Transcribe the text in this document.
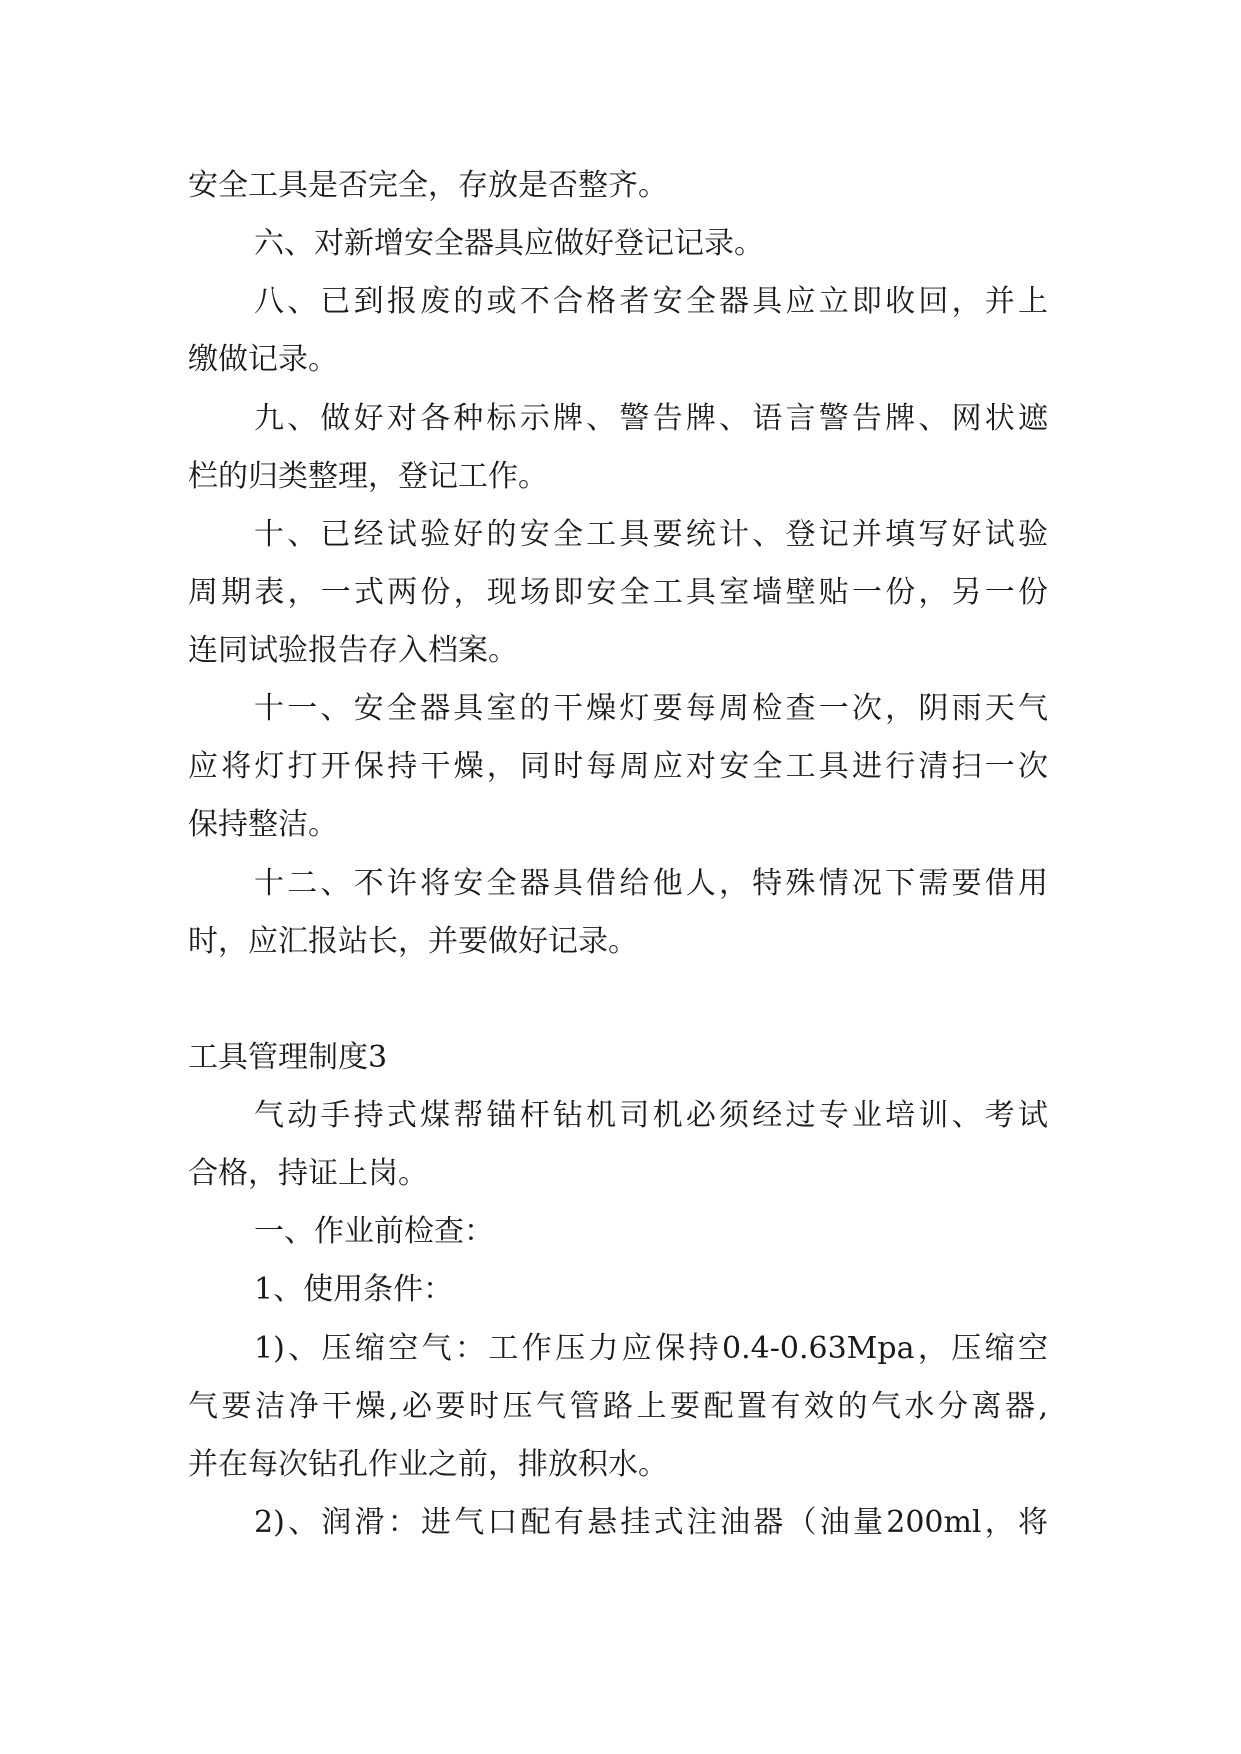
安全工具是否完全，存放是否整齐。
六、对新增安全器具应做好登记记录。
八、已到报废的或不合格者安全器具应立即收回，并上
缴做记录。
九、做好对各种标示牌、警告牌、语言警告牌、网状遮
栏的归类整理，登记工作。
十、已经试验好的安全工具要统计、登记并填写好试验
周期表，一式两份，现场即安全工具室墙壁贴一份，另一份
连同试验报告存入档案。
十一、安全器具室的干燥灯要每周检查一次，阴雨天气
应将灯打开保持干燥，同时每周应对安全工具进行清扫一次
保持整洁。
十二、不许将安全器具借给他人，特殊情况下需要借用
时，应汇报站长，并要做好记录。
工具管理制度3
气动手持式煤帮锚杆钻机司机必须经过专业培训、考试
合格，持证上岗。
一、作业前检查：
1、使用条件：
1)、压缩空气：工作压力应保持0.4-0.63Mpa，压缩空
气要洁净干燥,必要时压气管路上要配置有效的气水分离器,
并在每次钻孔作业之前，排放积水。
2)、润滑：进气口配有悬挂式注油器（油量200ml，将
